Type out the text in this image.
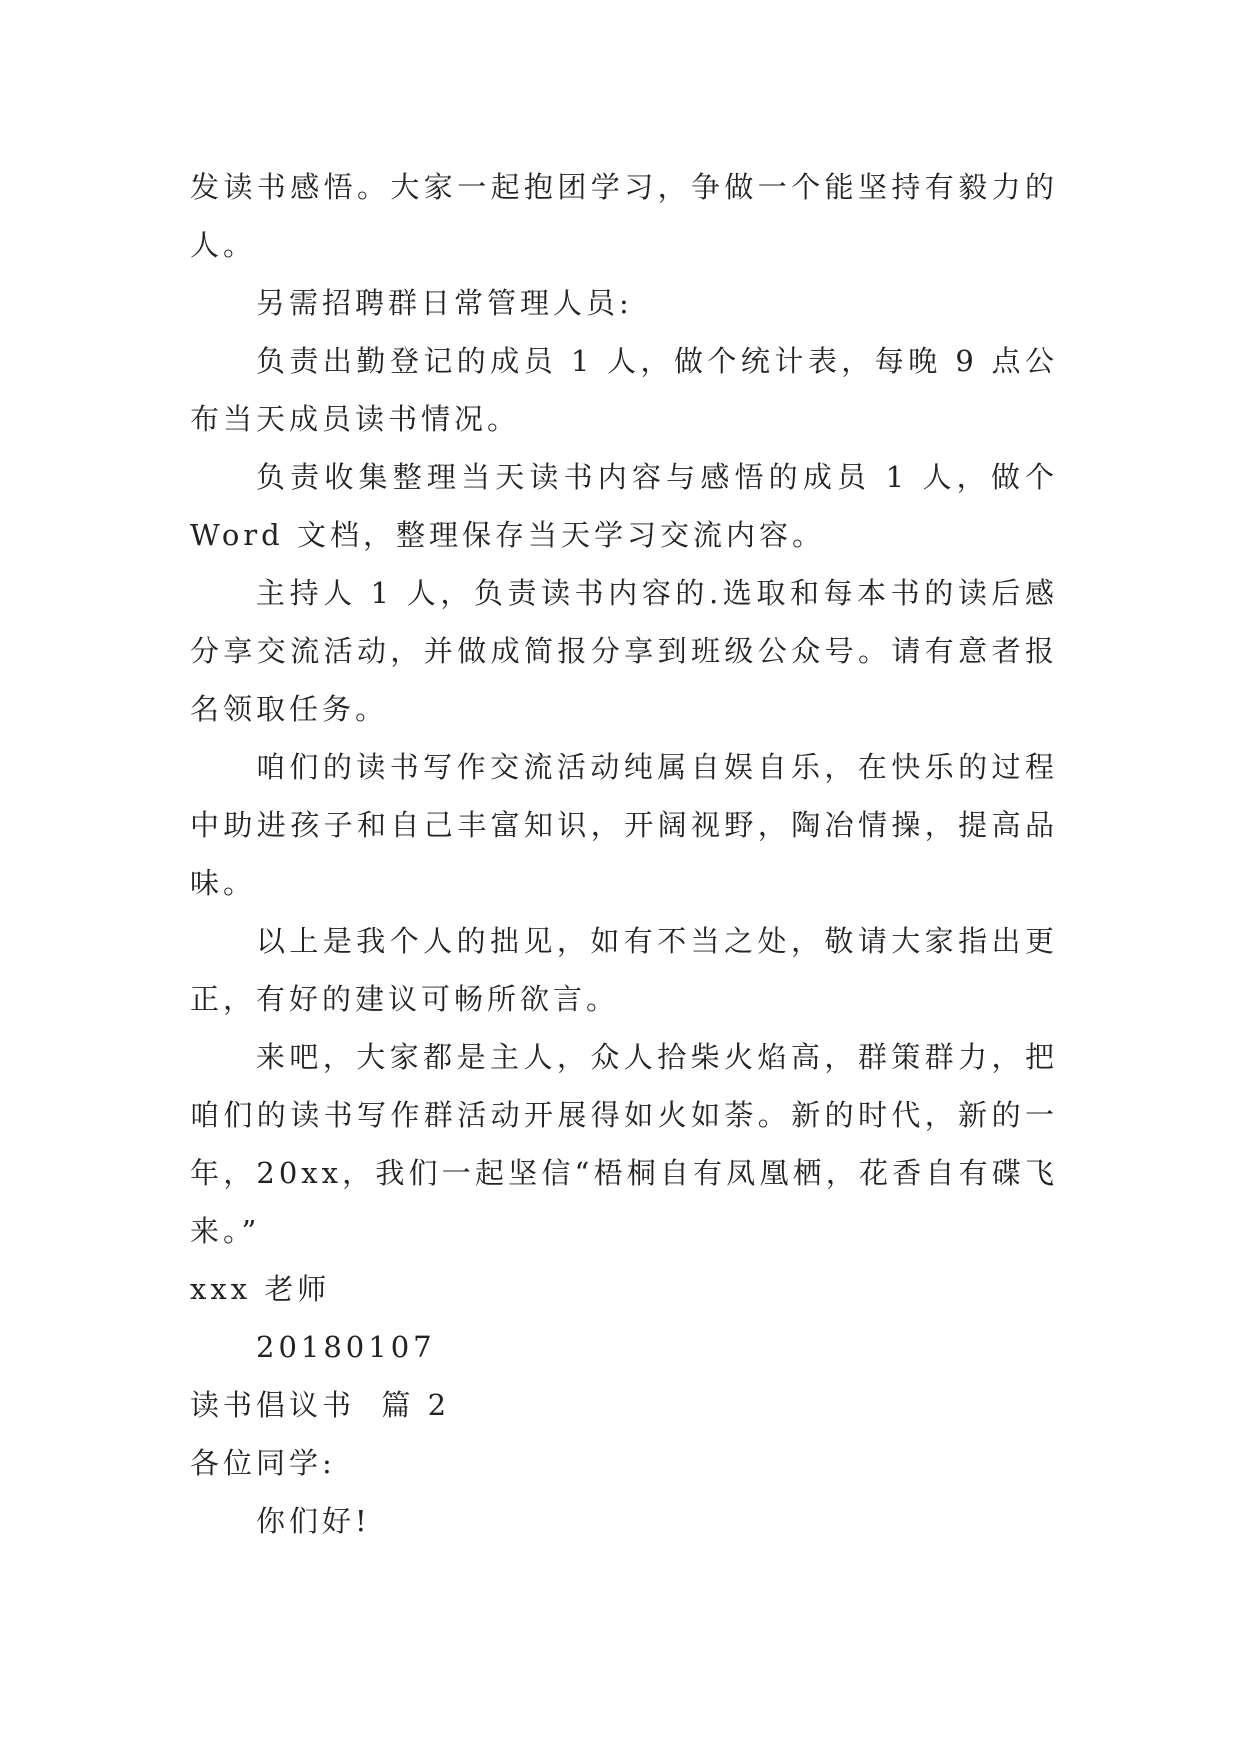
发读书感悟。大家一起抱团学习，争做一个能坚持有毅力的人。

另需招聘群日常管理人员:

负责出勤登记的成员 1 人，做个统计表，每晚 9 点公布当天成员读书情况。

负责收集整理当天读书内容与感悟的成员 1 人，做个 Word 文档，整理保存当天学习交流内容。

主持人 1 人，负责读书内容的.选取和每本书的读后感分享交流活动，并做成简报分享到班级公众号。请有意者报名领取任务。

咱们的读书写作交流活动纯属自娱自乐，在快乐的过程中助进孩子和自己丰富知识，开阔视野，陶冶情操，提高品味。

以上是我个人的拙见，如有不当之处，敬请大家指出更正，有好的建议可畅所欲言。

来吧，大家都是主人，众人拾柴火焰高，群策群力，把咱们的读书写作群活动开展得如火如荼。新的时代，新的一年，20xx，我们一起坚信“梧桐自有凤凰栖，花香自有碟飞来。”

xxx 老师

20180107

读书倡议书  篇 2

各位同学:

你们好!
